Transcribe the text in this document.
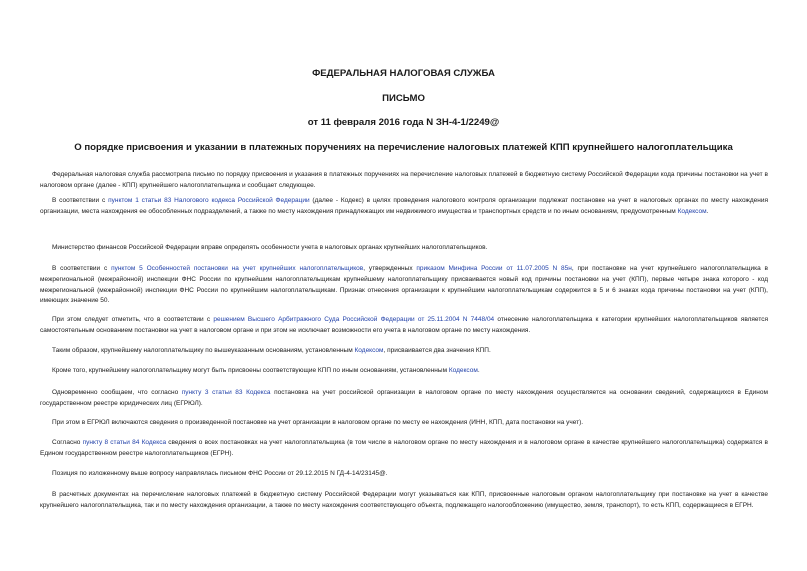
ФЕДЕРАЛЬНАЯ НАЛОГОВАЯ СЛУЖБА
ПИСЬМО
от 11 февраля 2016 года N ЗН-4-1/2249@
О порядке присвоения и указании в платежных поручениях на перечисление налоговых платежей КПП крупнейшего налогоплательщика

Федеральная налоговая служба рассмотрела письмо по порядку присвоения и указания в платежных поручениях на перечисление налоговых платежей в бюджетную систему Российской Федерации кода причины постановки на учет в налоговом органе (далее - КПП) крупнейшего налогоплательщика и сообщает следующее.

В соответствии с пунктом 1 статьи 83 Налогового кодекса Российской Федерации (далее - Кодекс) в целях проведения налогового контроля организации подлежат постановке на учет в налоговых органах по месту нахождения организации, места нахождения ее обособленных подразделений, а также по месту нахождения принадлежащих им недвижимого имущества и транспортных средств и по иным основаниям, предусмотренным Кодексом.

Министерство финансов Российской Федерации вправе определять особенности учета в налоговых органах крупнейших налогоплательщиков.

В соответствии с пунктом 5 Особенностей постановки на учет крупнейших налогоплательщиков, утвержденных приказом Минфина России от 11.07.2005 N 85н, при постановке на учет крупнейшего налогоплательщика в межрегиональной (межрайонной) инспекции ФНС России по крупнейшим налогоплательщикам крупнейшему налогоплательщику присваивается новый код причины постановки на учет (КПП), первые четыре знака которого - код межрегиональной (межрайонной) инспекции ФНС России по крупнейшим налогоплательщикам. Признак отнесения организации к крупнейшим налогоплательщикам содержится в 5 и 6 знаках кода причины постановки на учет (КПП), имеющих значение 50.

При этом следует отметить, что в соответствии с решением Высшего Арбитражного Суда Российской Федерации от 25.11.2004 N 7448/04 отнесение налогоплательщика к категории крупнейших налогоплательщиков является самостоятельным основанием постановки на учет в налоговом органе и при этом не исключает возможности его учета в налоговом органе по месту нахождения.

Таким образом, крупнейшему налогоплательщику по вышеуказанным основаниям, установленным Кодексом, присваивается два значения КПП.

Кроме того, крупнейшему налогоплательщику могут быть присвоены соответствующие КПП по иным основаниям, установленным Кодексом.

Одновременно сообщаем, что согласно пункту 3 статьи 83 Кодекса постановка на учет российской организации в налоговом органе по месту нахождения осуществляется на основании сведений, содержащихся в Едином государственном реестре юридических лиц (ЕГРЮЛ).

При этом в ЕГРЮЛ включаются сведения о произведенной постановке на учет организации в налоговом органе по месту ее нахождения (ИНН, КПП, дата постановки на учет).

Согласно пункту 8 статьи 84 Кодекса сведения о всех постановках на учет налогоплательщика (в том числе в налоговом органе по месту нахождения и в налоговом органе в качестве крупнейшего налогоплательщика) содержатся в Едином государственном реестре налогоплательщиков (ЕГРН).

Позиция по изложенному выше вопросу направлялась письмом ФНС России от 29.12.2015 N ГД-4-14/23145@.

В расчетных документах на перечисление налоговых платежей в бюджетную систему Российской Федерации могут указываться как КПП, присвоенные налоговым органом налогоплательщику при постановке на учет в качестве крупнейшего налогоплательщика, так и по месту нахождения организации, а также по месту нахождения соответствующего объекта, подлежащего налогообложению (имущество, земля, транспорт), то есть КПП, содержащиеся в ЕГРН.
